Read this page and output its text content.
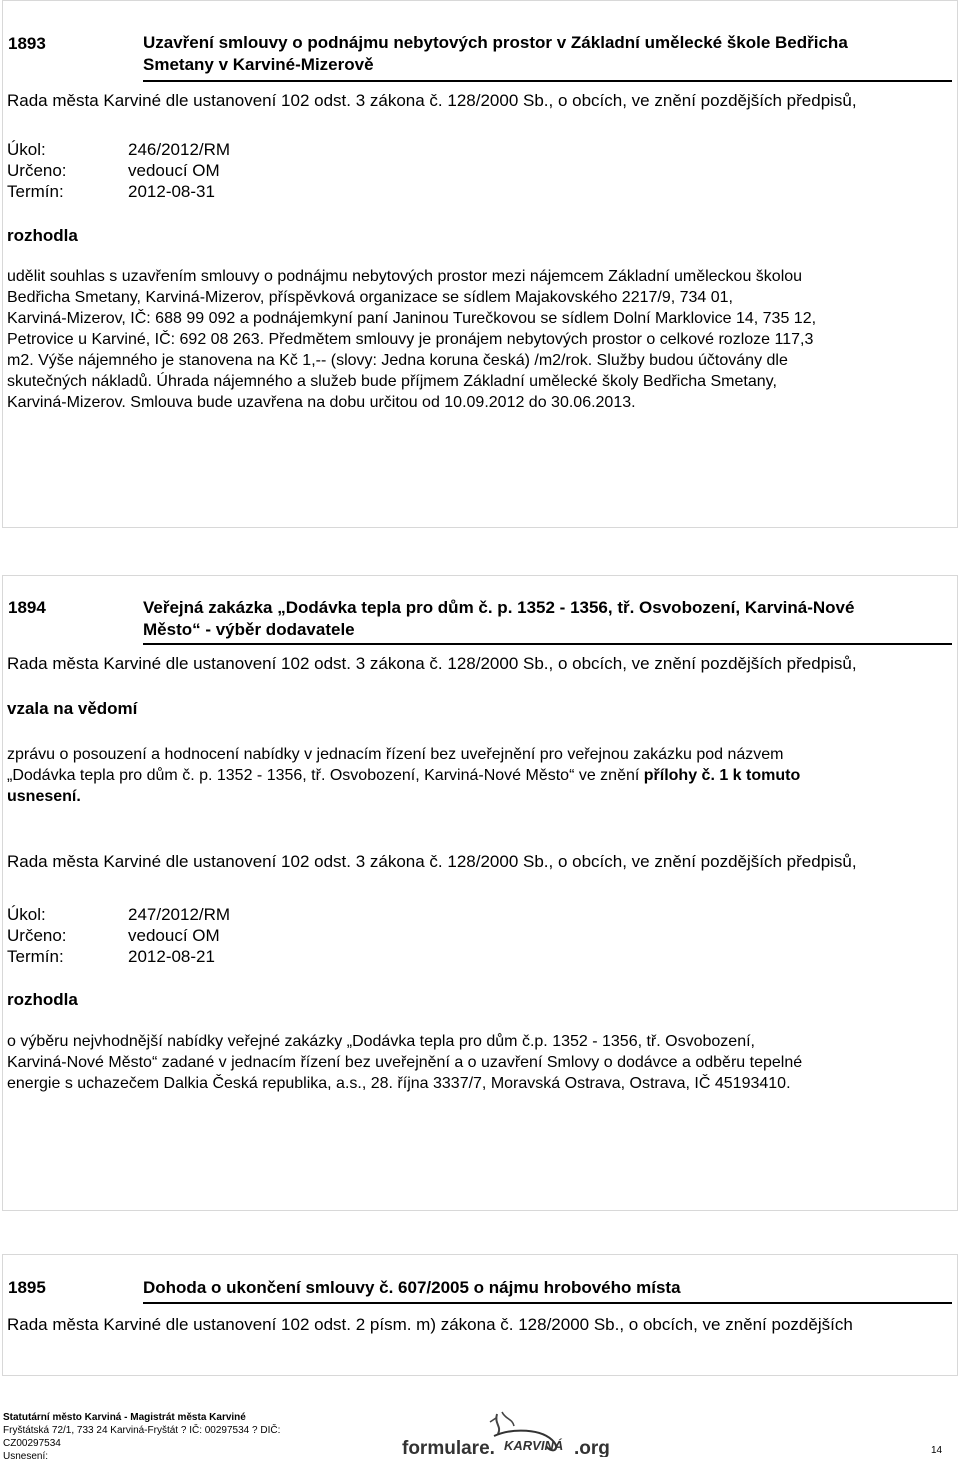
1893	Uzavření smlouvy o podnájmu nebytových prostor v Základní umělecké škole Bedřicha
Smetany v Karviné-Mizerově
Rada města Karviné dle ustanovení 102 odst. 3 zákona č. 128/2000 Sb., o obcích, ve znění pozdějších předpisů,
Úkol:	246/2012/RM
Určeno:	vedoucí OM
Termín:	2012-08-31
rozhodla
udělit souhlas s uzavřením smlouvy o podnájmu nebytových prostor mezi nájemcem Základní uměleckou školou
Bedřicha Smetany, Karviná-Mizerov, příspěvková organizace se sídlem Majakovského 2217/9, 734 01,
Karviná-Mizerov, IČ: 688 99 092 a podnájemkyní paní Janinou Turečkovou se sídlem Dolní Marklovice 14, 735 12,
Petrovice u Karviné, IČ: 692 08 263. Předmětem smlouvy je pronájem nebytových prostor o celkové rozloze 117,3
m2. Výše nájemného je stanovena na Kč 1,-- (slovy: Jedna koruna česká) /m2/rok. Služby budou účtovány dle
skutečných nákladů. Úhrada nájemného a služeb bude příjmem Základní umělecké školy Bedřicha Smetany,
Karviná-Mizerov. Smlouva bude uzavřena na dobu určitou od 10.09.2012 do 30.06.2013.
1894	Veřejná zakázka „Dodávka tepla pro dům č. p. 1352 - 1356, tř. Osvobození, Karviná-Nové
Město“ - výběr dodavatele
Rada města Karviné dle ustanovení 102 odst. 3 zákona č. 128/2000 Sb., o obcích, ve znění pozdějších předpisů,
vzala na vědomí
zprávu o posouzení a hodnocení nabídky v jednacím řízení bez uveřejnění pro veřejnou zakázku pod názvem
„Dodávka tepla pro dům č. p. 1352 - 1356, tř. Osvobození, Karviná-Nové Město“ ve znění přílohy č. 1 k tomuto
usnesení.
Rada města Karviné dle ustanovení 102 odst. 3 zákona č. 128/2000 Sb., o obcích, ve znění pozdějších předpisů,
Úkol:	247/2012/RM
Určeno:	vedoucí OM
Termín:	2012-08-21
rozhodla
o výběru nejvhodnější nabídky veřejné zakázky „Dodávka tepla pro dům č.p. 1352 - 1356, tř. Osvobození,
Karviná-Nové Město“ zadané v jednacím řízení bez uveřejnění a o uzavření Smlovy o dodávce a odběru tepelné
energie s uchazečem Dalkia Česká republika, a.s., 28. října 3337/7, Moravská Ostrava, Ostrava, IČ 45193410.
1895	Dohoda o ukončení smlouvy č. 607/2005 o nájmu hrobového místa
Rada města Karviné dle ustanovení 102 odst. 2 písm. m) zákona č. 128/2000 Sb., o obcích, ve znění pozdějších
Statutární město Karviná - Magistrát města Karviné
Fryštátská 72/1, 733 24 Karviná-Fryštát ? IČ: 00297534 ? DIČ:
CZ00297534
Usnesení:	formulare. KARVINÁ .org	14
